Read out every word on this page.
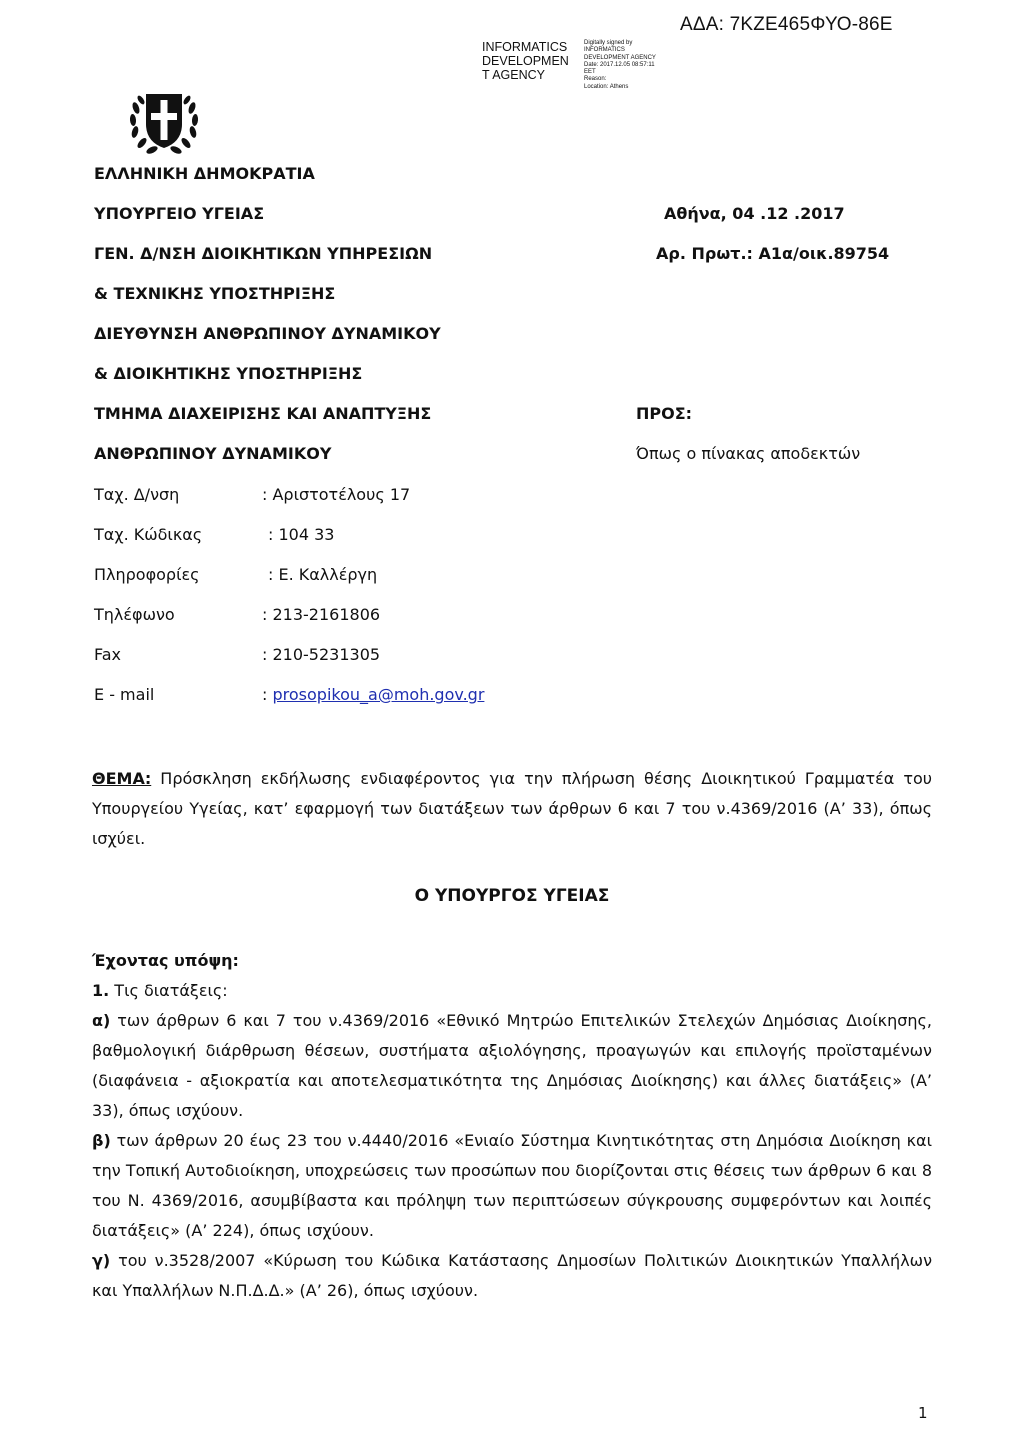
ΑΔΑ: 7ΚΖΕ465ΦΥΟ-86Ε
INFORMATICS
DEVELOPMEN
T AGENCY
Digitally signed by
INFORMATICS
DEVELOPMENT AGENCY
Date: 2017.12.05 08:57:11
EET
Reason:
Location: Athens
ΕΛΛΗΝΙΚΗ ΔΗΜΟΚΡΑΤΙΑ
ΥΠΟΥΡΓΕΙΟ ΥΓΕΙΑΣ
ΓΕΝ. Δ/ΝΣΗ ΔΙΟΙΚΗΤΙΚΩΝ ΥΠΗΡΕΣΙΩΝ
& ΤΕΧΝΙΚΗΣ ΥΠΟΣΤΗΡΙΞΗΣ
ΔΙΕΥΘΥΝΣΗ ΑΝΘΡΩΠΙΝΟΥ ΔΥΝΑΜΙΚΟΥ
& ΔΙΟΙΚΗΤΙΚΗΣ ΥΠΟΣΤΗΡΙΞΗΣ
ΤΜΗΜΑ ΔΙΑΧΕΙΡΙΣΗΣ ΚΑΙ ΑΝΑΠΤΥΞΗΣ
ΑΝΘΡΩΠΙΝΟΥ ΔΥΝΑΜΙΚΟΥ
Αθήνα, 04 .12 .2017
Αρ. Πρωτ.: Α1α/οικ.89754
ΠΡΟΣ:
Όπως ο πίνακας αποδεκτών
Ταχ. Δ/νση	: Αριστοτέλους 17
Ταχ. Κώδικας	: 104 33
Πληροφορίες	: Ε. Καλλέργη
Τηλέφωνο	: 213-2161806
Fax	: 210-5231305
E - mail	: prosopikou_a@moh.gov.gr
ΘΕΜΑ: Πρόσκληση εκδήλωσης ενδιαφέροντος για την πλήρωση θέσης Διοικητικού Γραμματέα του Υπουργείου Υγείας, κατ’ εφαρμογή των διατάξεων των άρθρων 6 και 7 του ν.4369/2016 (Α’ 33), όπως ισχύει.
Ο ΥΠΟΥΡΓΟΣ ΥΓΕΙΑΣ

Έχοντας υπόψη:

1. Τις διατάξεις:

α) των άρθρων 6 και 7 του ν.4369/2016 «Εθνικό Μητρώο Επιτελικών Στελεχών Δημόσιας Διοίκησης, βαθμολογική διάρθρωση θέσεων, συστήματα αξιολόγησης, προαγωγών και επιλογής προϊσταμένων (διαφάνεια - αξιοκρατία και αποτελεσματικότητα της Δημόσιας Διοίκησης) και άλλες διατάξεις» (Α’ 33), όπως ισχύουν.

β) των άρθρων 20 έως 23 του ν.4440/2016 «Ενιαίο Σύστημα Κινητικότητας στη Δημόσια Διοίκηση και την Τοπική Αυτοδιοίκηση, υποχρεώσεις των προσώπων που διορίζονται στις θέσεις των άρθρων 6 και 8 του Ν. 4369/2016, ασυμβίβαστα και πρόληψη των περιπτώσεων σύγκρουσης συμφερόντων και λοιπές διατάξεις» (Α’ 224), όπως ισχύουν.

γ) του ν.3528/2007 «Κύρωση του Κώδικα Κατάστασης Δημοσίων Πολιτικών Διοικητικών Υπαλλήλων και Υπαλλήλων Ν.Π.Δ.Δ.» (Α’ 26), όπως ισχύουν.

1
